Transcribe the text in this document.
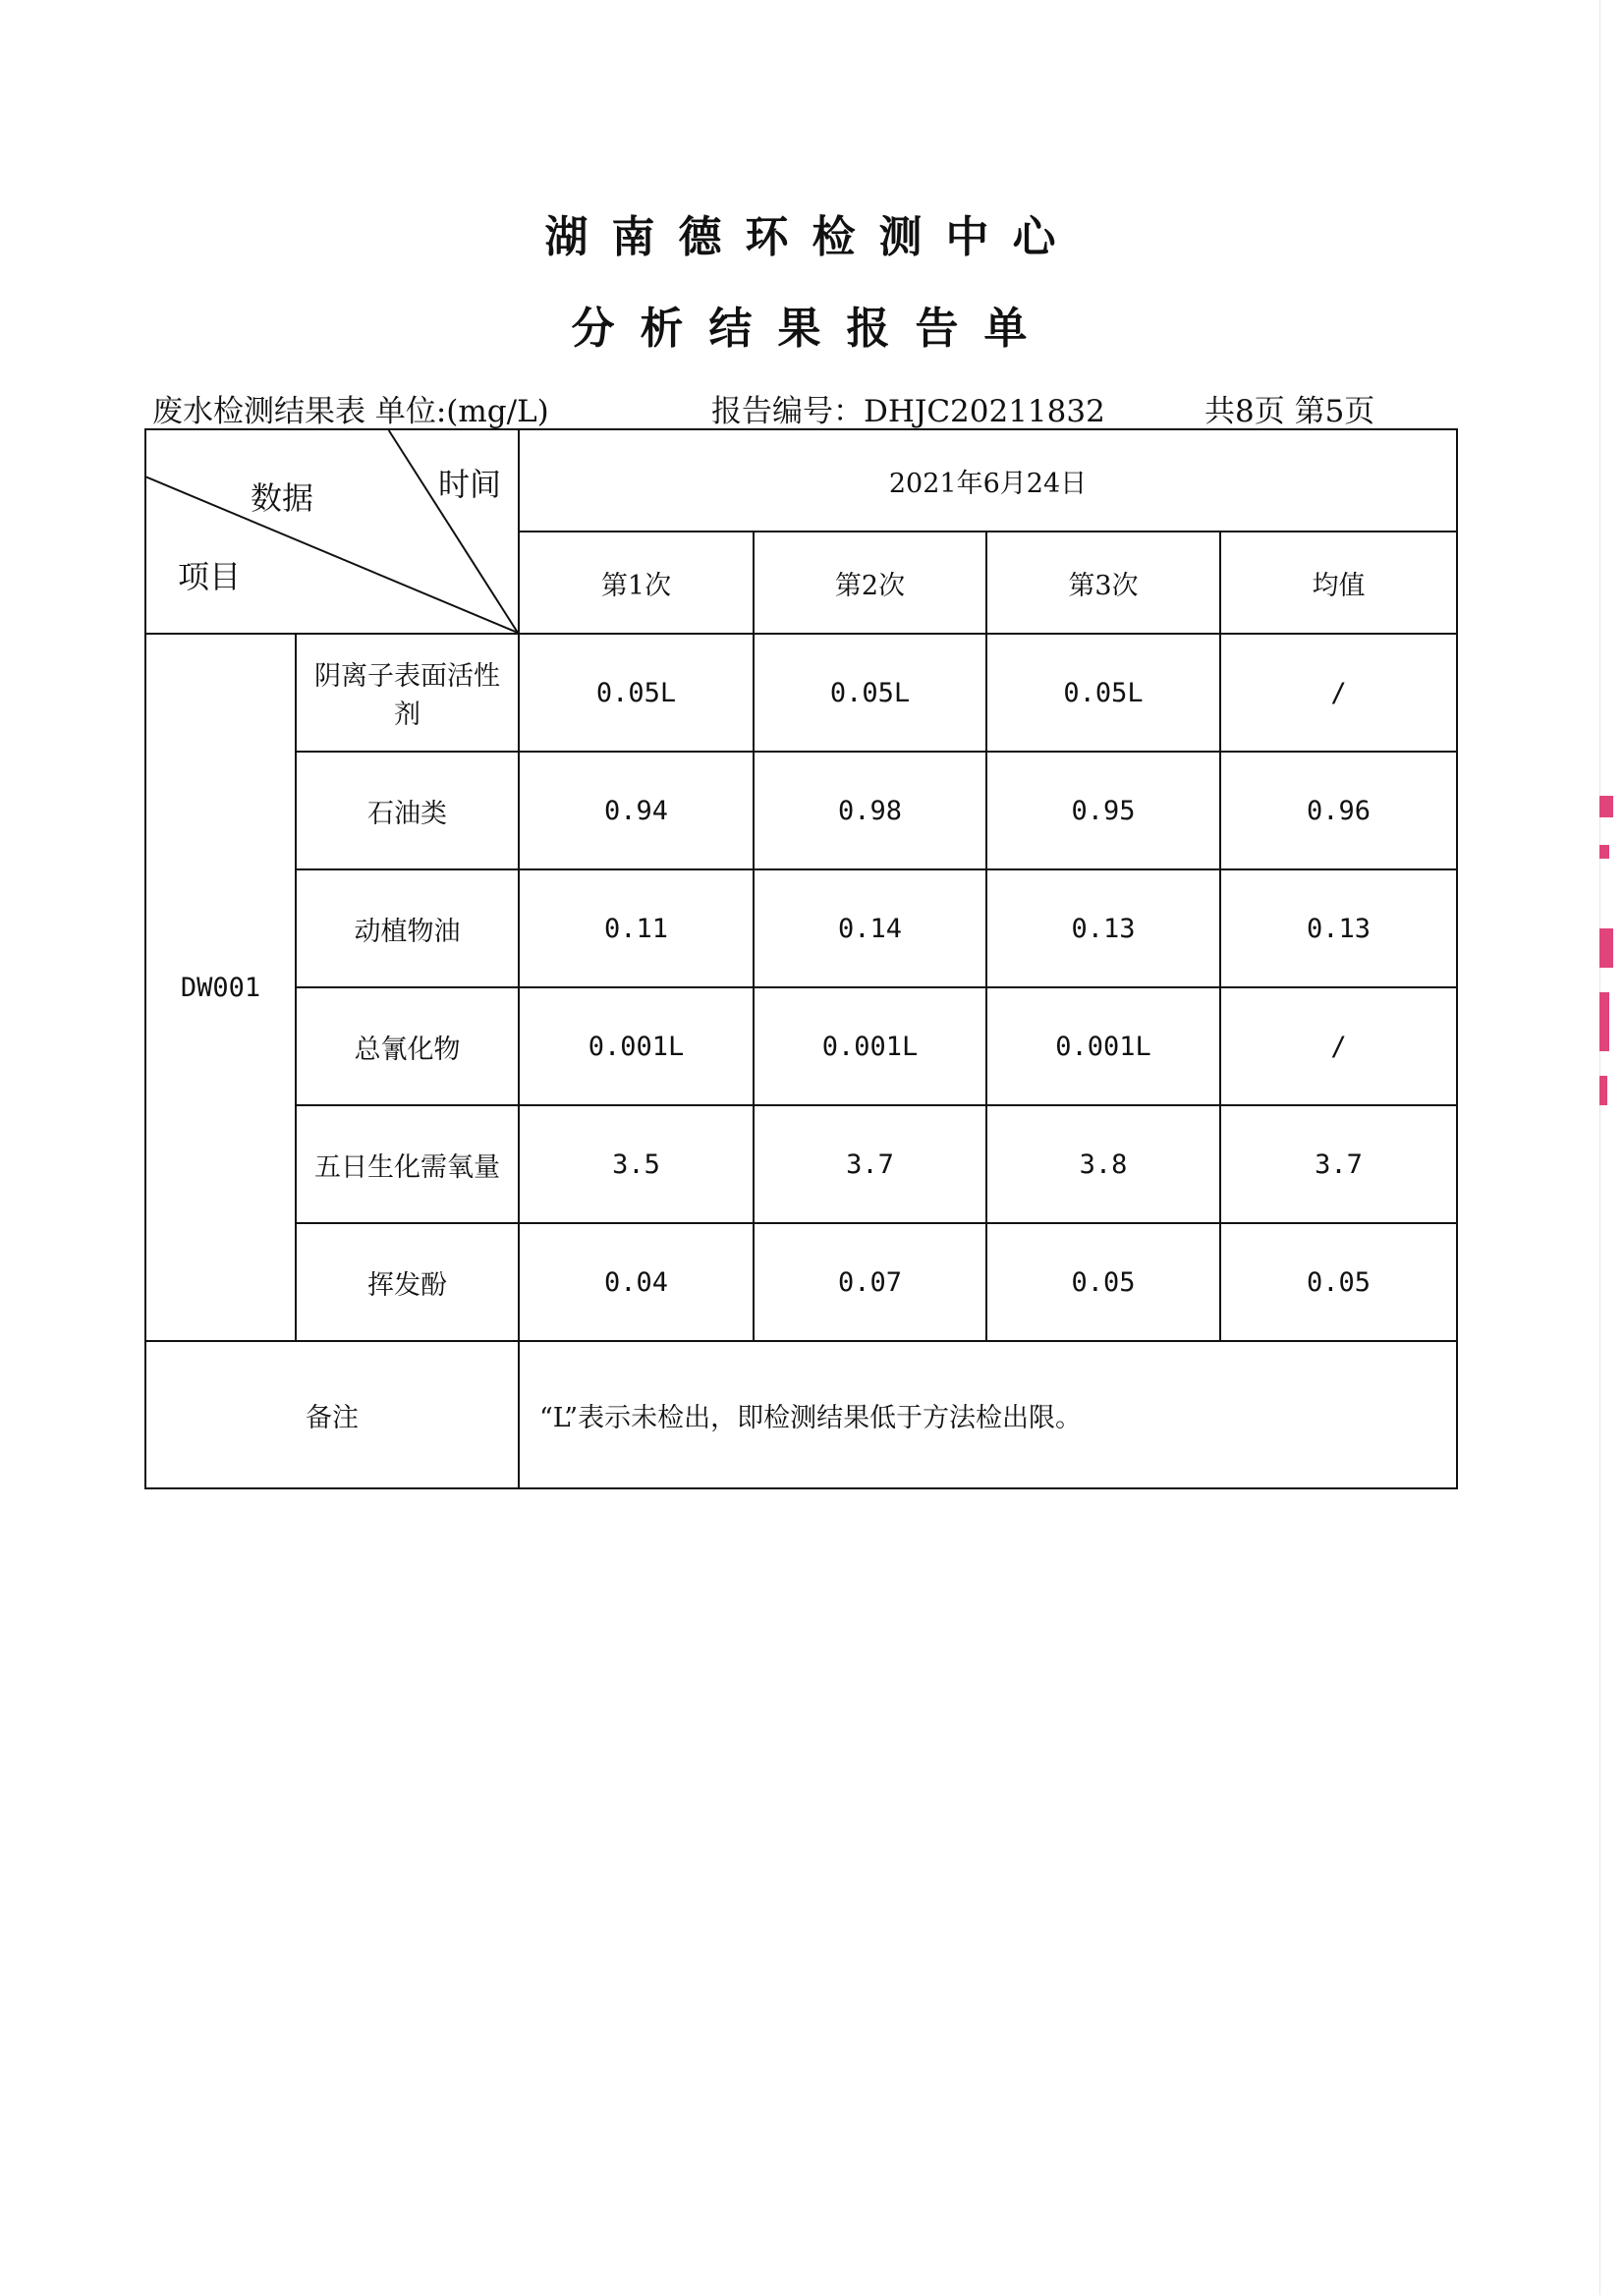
湖南德环检测中心
分析结果报告单
废水检测结果表 单位:(mg/L)	报告编号：DHJC20211832	共8页 第5页
数据 时间
项目		2021年6月24日			
		第1次	第2次	第3次	均值
DW001	阴离子表面活性剂	0.05L	0.05L	0.05L	/
	石油类	0.94	0.98	0.95	0.96
	动植物油	0.11	0.14	0.13	0.13
	总氰化物	0.001L	0.001L	0.001L	/
	五日生化需氧量	3.5	3.7	3.8	3.7
	挥发酚	0.04	0.07	0.05	0.05
备注		“L”表示未检出，即检测结果低于方法检出限。			
